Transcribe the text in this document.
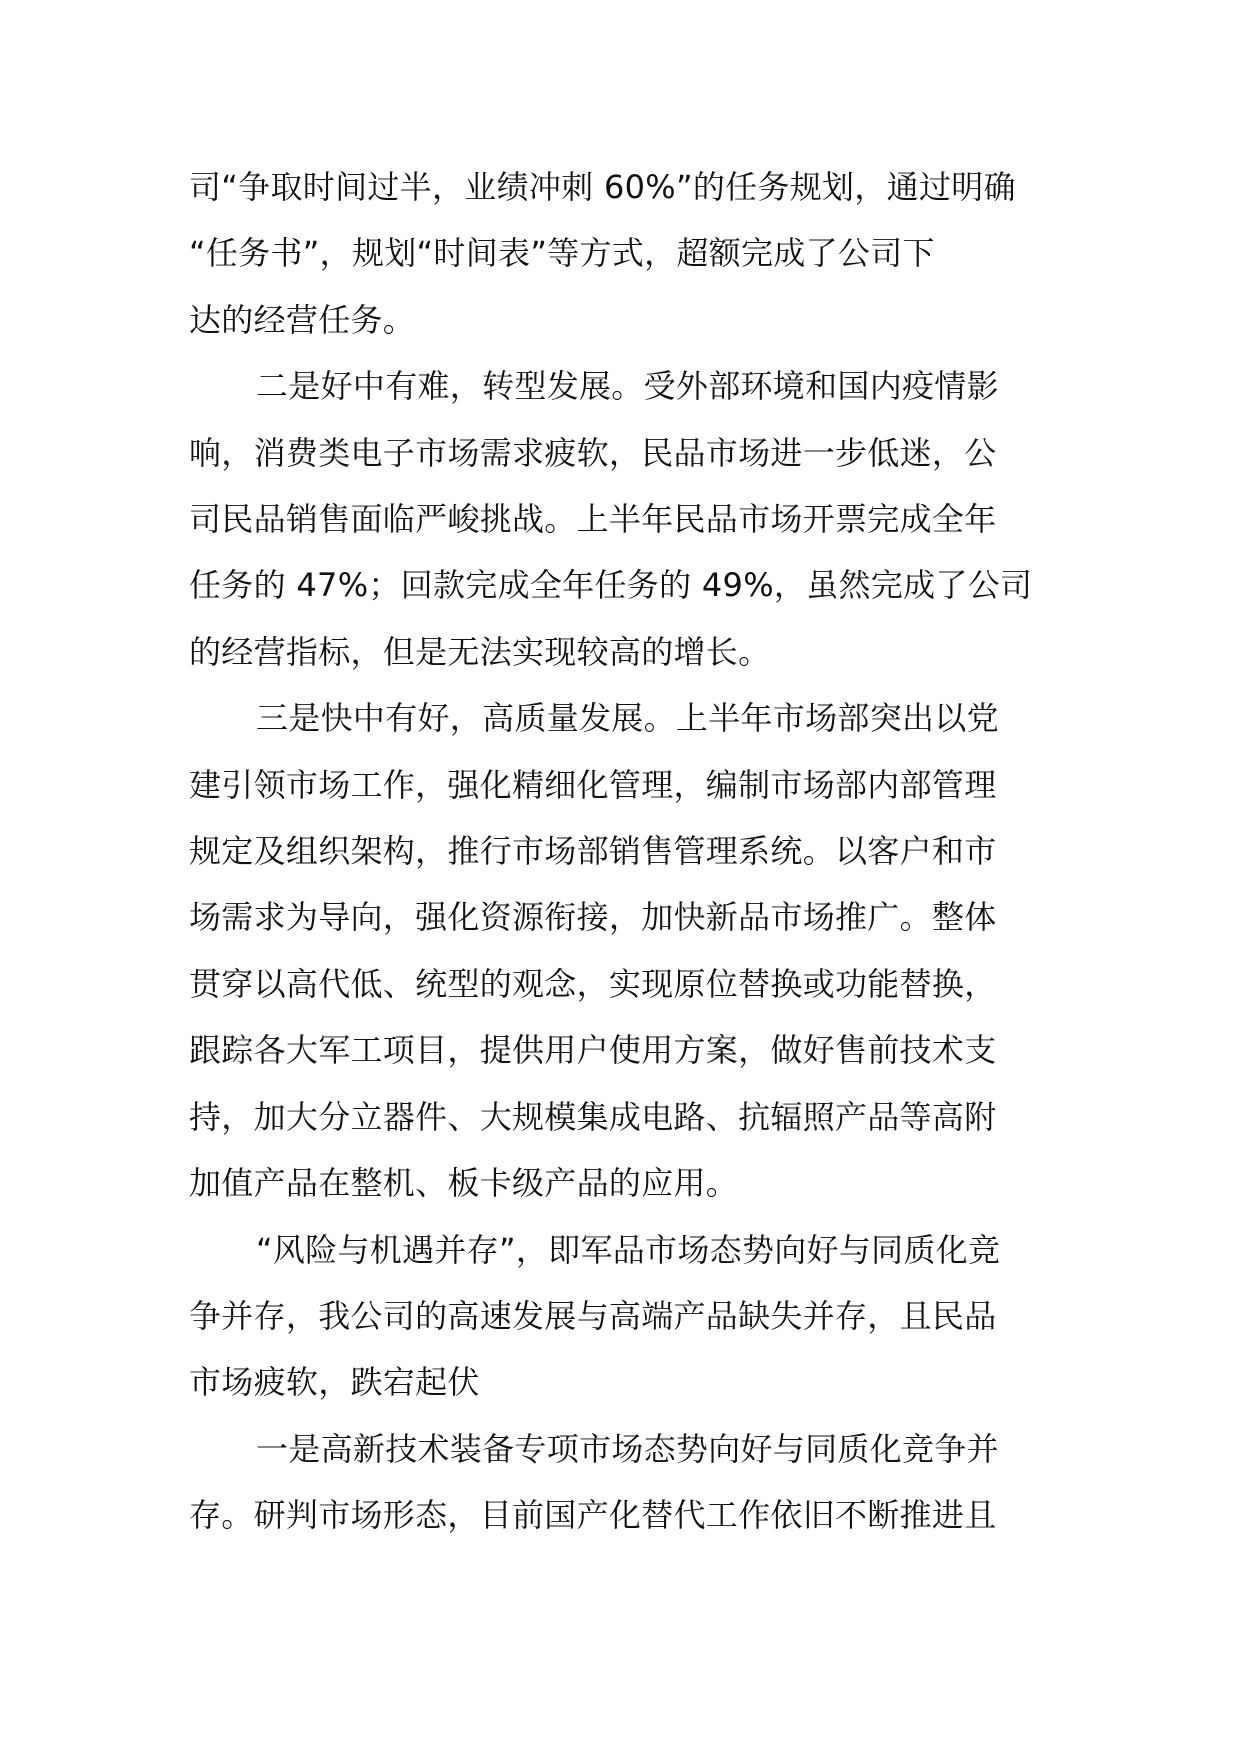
司“争取时间过半，业绩冲刺 60%”的任务规划，通过明确
“任务书”，规划“时间表”等方式，超额完成了公司下
达的经营任务。

二是好中有难，转型发展。受外部环境和国内疫情影
响，消费类电子市场需求疲软，民品市场进一步低迷，公
司民品销售面临严峻挑战。上半年民品市场开票完成全年
任务的 47%；回款完成全年任务的 49%，虽然完成了公司
的经营指标，但是无法实现较高的增长。

三是快中有好，高质量发展。上半年市场部突出以党
建引领市场工作，强化精细化管理，编制市场部内部管理
规定及组织架构，推行市场部销售管理系统。以客户和市
场需求为导向，强化资源衔接，加快新品市场推广。整体
贯穿以高代低、统型的观念，实现原位替换或功能替换，
跟踪各大军工项目，提供用户使用方案，做好售前技术支
持，加大分立器件、大规模集成电路、抗辐照产品等高附
加值产品在整机、板卡级产品的应用。

“风险与机遇并存”，即军品市场态势向好与同质化竞
争并存，我公司的高速发展与高端产品缺失并存，且民品
市场疲软，跌宕起伏

一是高新技术装备专项市场态势向好与同质化竞争并
存。研判市场形态，目前国产化替代工作依旧不断推进且
